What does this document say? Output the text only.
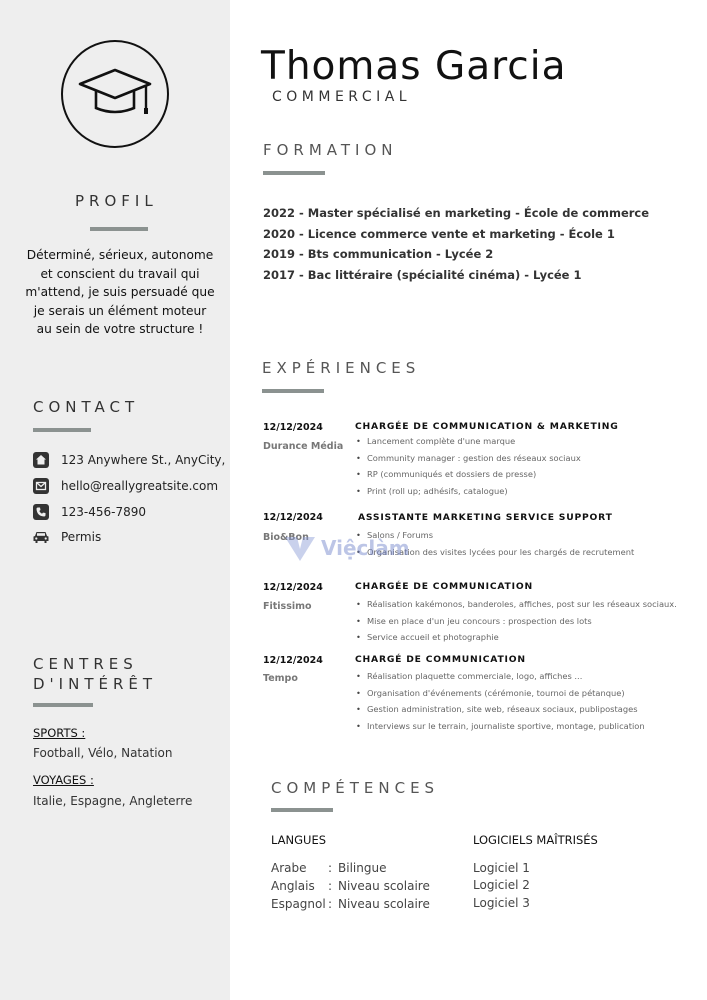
PROFIL
Déterminé, sérieux, autonome et conscient du travail qui m'attend, je suis persuadé que je serais un élément moteur au sein de votre structure !
CONTACT
123 Anywhere St., AnyCity,
hello@reallygreatsite.com
123-456-7890
Permis
CENTRES
D'INTÉRÊT
SPORTS :
Football, Vélo, Natation
VOYAGES :
Italie, Espagne, Angleterre
Thomas Garcia
COMMERCIAL
FORMATION
2022 - Master spécialisé en marketing - École de commerce
2020 - Licence commerce vente et marketing - École 1
2019 - Bts communication - Lycée 2
2017 - Bac littéraire (spécialité cinéma) - Lycée 1
EXPÉRIENCES
12/12/2024
Durance Média
CHARGÉE DE COMMUNICATION & MARKETING
• Lancement complète d'une marque
• Community manager : gestion des réseaux sociaux
• RP (communiqués et dossiers de presse)
• Print (roll up; adhésifs, catalogue)
12/12/2024
Bio&Bon
ASSISTANTE MARKETING SERVICE SUPPORT
• Salons / Forums
• Organisation des visites lycées pour les chargés de recrutement
12/12/2024
Fitissimo
CHARGÉE DE COMMUNICATION
• Réalisation kakémonos, banderoles, affiches, post sur les réseaux sociaux.
• Mise en place d'un jeu concours : prospection des lots
• Service accueil et photographie
12/12/2024
Tempo
CHARGÉ DE COMMUNICATION
• Réalisation plaquette commerciale, logo, affiches ...
• Organisation d'événements (cérémonie, tournoi de pétanque)
• Gestion administration, site web, réseaux sociaux, publipostages
• Interviews sur le terrain, journaliste sportive, montage, publication
Việclàm
COMPÉTENCES
LANGUES	LOGICIELS MAÎTRISÉS
Arabe : Bilingue
Anglais : Niveau scolaire
Espagnol : Niveau scolaire
Logiciel 1
Logiciel 2
Logiciel 3
